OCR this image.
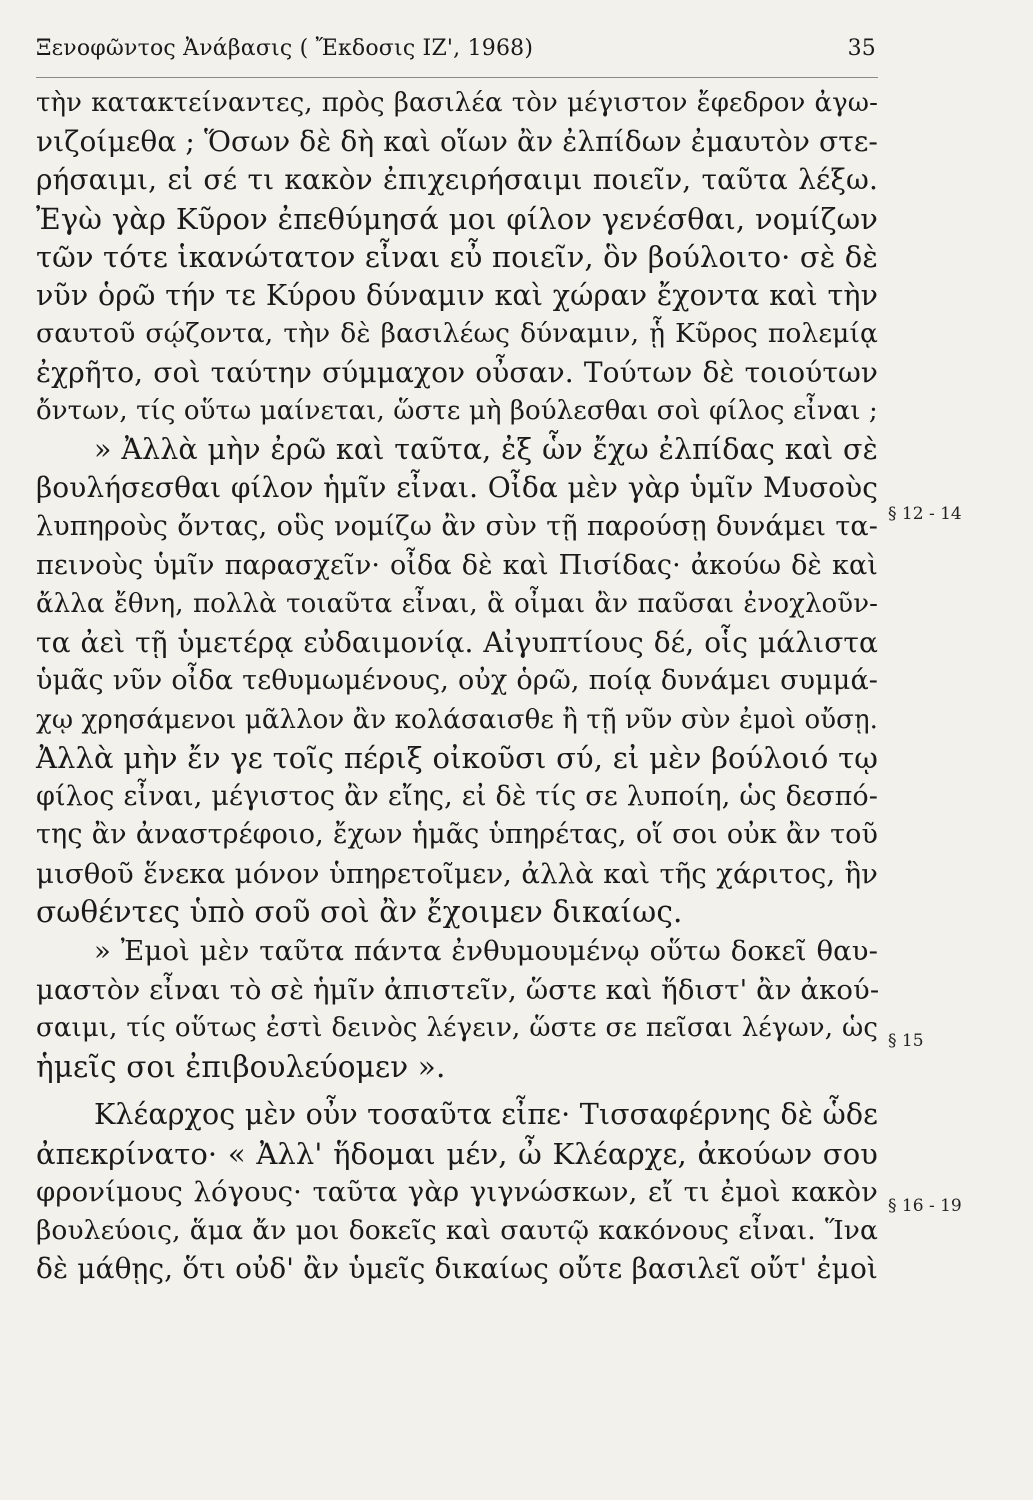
Ξενοφῶντος Ἀνάβασις ( Ἔκδοσις ΙΖ', 1968)	35
τὴν κατακτείναντες, πρὸς βασιλέα τὸν μέγιστον ἔφεδρον ἀγω-
νιζοίμεθα ; Ὅσων δὲ δὴ καὶ οἵων ἂν ἐλπίδων ἐμαυτὸν στε-
ρήσαιμι, εἰ σέ τι κακὸν ἐπιχειρήσαιμι ποιεῖν, ταῦτα λέξω.
Ἐγὼ γὰρ Κῦρον ἐπεθύμησά μοι φίλον γενέσθαι, νομίζων
τῶν τότε ἱκανώτατον εἶναι εὖ ποιεῖν, ὃν βούλοιτο· σὲ δὲ
νῦν ὁρῶ τήν τε Κύρου δύναμιν καὶ χώραν ἔχοντα καὶ τὴν
σαυτοῦ σῴζοντα, τὴν δὲ βασιλέως δύναμιν, ᾗ Κῦρος πολεμίᾳ
ἐχρῆτο, σοὶ ταύτην σύμμαχον οὖσαν. Τούτων δὲ τοιούτων
ὄντων, τίς οὕτω μαίνεται, ὥστε μὴ βούλεσθαι σοὶ φίλος εἶναι ;
» Ἀλλὰ μὴν ἐρῶ καὶ ταῦτα, ἐξ ὧν ἔχω ἐλπίδας καὶ σὲ
βουλήσεσθαι φίλον ἡμῖν εἶναι. Οἶδα μὲν γὰρ ὑμῖν Μυσοὺς
λυπηροὺς ὄντας, οὓς νομίζω ἂν σὺν τῇ παρούσῃ δυνάμει τα-
πεινοὺς ὑμῖν παρασχεῖν· οἶδα δὲ καὶ Πισίδας· ἀκούω δὲ καὶ
ἄλλα ἔθνη, πολλὰ τοιαῦτα εἶναι, ἃ οἶμαι ἂν παῦσαι ἐνοχλοῦν-
τα ἀεὶ τῇ ὑμετέρᾳ εὐδαιμονίᾳ. Αἰγυπτίους δέ, οἷς μάλιστα
ὑμᾶς νῦν οἶδα τεθυμωμένους, οὐχ ὁρῶ, ποίᾳ δυνάμει συμμά-
χῳ χρησάμενοι μᾶλλον ἂν κολάσαισθε ἢ τῇ νῦν σὺν ἐμοὶ οὔσῃ.
Ἀλλὰ μὴν ἔν γε τοῖς πέριξ οἰκοῦσι σύ, εἰ μὲν βούλοιό τῳ
φίλος εἶναι, μέγιστος ἂν εἴης, εἰ δὲ τίς σε λυποίη, ὡς δεσπό-
της ἂν ἀναστρέφοιο, ἔχων ἡμᾶς ὑπηρέτας, οἵ σοι οὐκ ἂν τοῦ
μισθοῦ ἕνεκα μόνον ὑπηρετοῖμεν, ἀλλὰ καὶ τῆς χάριτος, ἣν
σωθέντες ὑπὸ σοῦ σοὶ ἂν ἔχοιμεν δικαίως.
» Ἐμοὶ μὲν ταῦτα πάντα ἐνθυμουμένῳ οὕτω δοκεῖ θαυ-
μαστὸν εἶναι τὸ σὲ ἡμῖν ἀπιστεῖν, ὥστε καὶ ἥδιστ' ἂν ἀκού-
σαιμι, τίς οὕτως ἐστὶ δεινὸς λέγειν, ὥστε σε πεῖσαι λέγων, ὡς
ἡμεῖς σοι ἐπιβουλεύομεν ».
Κλέαρχος μὲν οὖν τοσαῦτα εἶπε· Τισσαφέρνης δὲ ὧδε
ἀπεκρίνατο· « Ἀλλ' ἥδομαι μέν, ὦ Κλέαρχε, ἀκούων σου
φρονίμους λόγους· ταῦτα γὰρ γιγνώσκων, εἴ τι ἐμοὶ κακὸν
βουλεύοις, ἅμα ἄν μοι δοκεῖς καὶ σαυτῷ κακόνους εἶναι. Ἵνα
δὲ μάθῃς, ὅτι οὐδ' ἂν ὑμεῖς δικαίως οὔτε βασιλεῖ οὔτ' ἐμοὶ
§ 12 - 14
§ 15
§ 16 - 19
